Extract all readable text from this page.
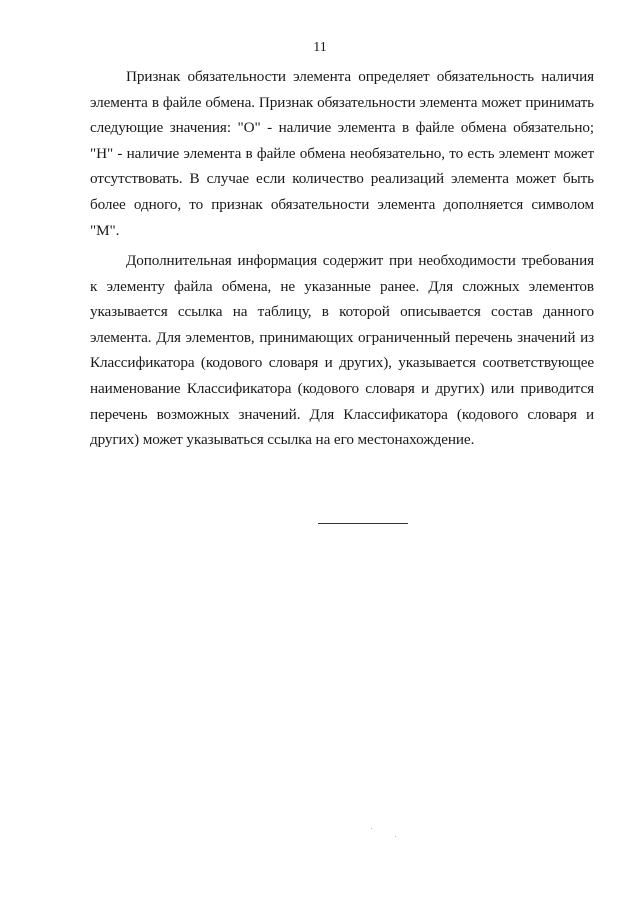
11

Признак обязательности элемента определяет обязательность наличия элемента в файле обмена. Признак обязательности элемента может принимать следующие значения: "О" - наличие элемента в файле обмена обязательно; "Н" - наличие элемента в файле обмена необязательно, то есть элемент может отсутствовать. В случае если количество реализаций элемента может быть более одного, то признак обязательности элемента дополняется символом "М".

Дополнительная информация содержит при необходимости требования к элементу файла обмена, не указанные ранее. Для сложных элементов указывается ссылка на таблицу, в которой описывается состав данного элемента. Для элементов, принимающих ограниченный перечень значений из Классификатора (кодового словаря и других), указывается соответствующее наименование Классификатора (кодового словаря и других) или приводится перечень возможных значений. Для Классификатора (кодового словаря и других) может указываться ссылка на его местонахождение.
